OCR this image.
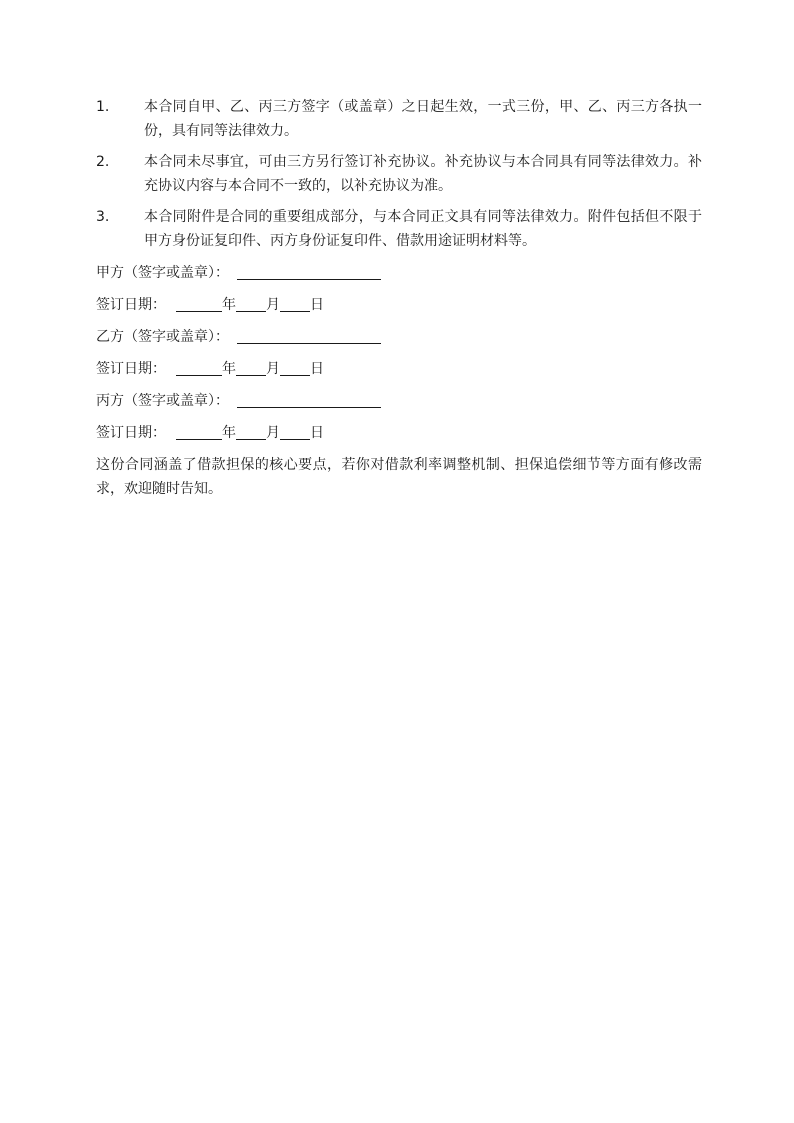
1.	本合同自甲、乙、丙三方签字（或盖章）之日起生效，一式三份，甲、乙、丙三方各执一份，具有同等法律效力。
2.	本合同未尽事宜，可由三方另行签订补充协议。补充协议与本合同具有同等法律效力。补充协议内容与本合同不一致的，以补充协议为准。
3.	本合同附件是合同的重要组成部分，与本合同正文具有同等法律效力。附件包括但不限于甲方身份证复印件、丙方身份证复印件、借款用途证明材料等。
甲方（签字或盖章）：
签订日期：	年 月 日
乙方（签字或盖章）：
签订日期：	年 月 日
丙方（签字或盖章）：
签订日期：	年 月 日
这份合同涵盖了借款担保的核心要点，若你对借款利率调整机制、担保追偿细节等方面有修改需求，欢迎随时告知。
